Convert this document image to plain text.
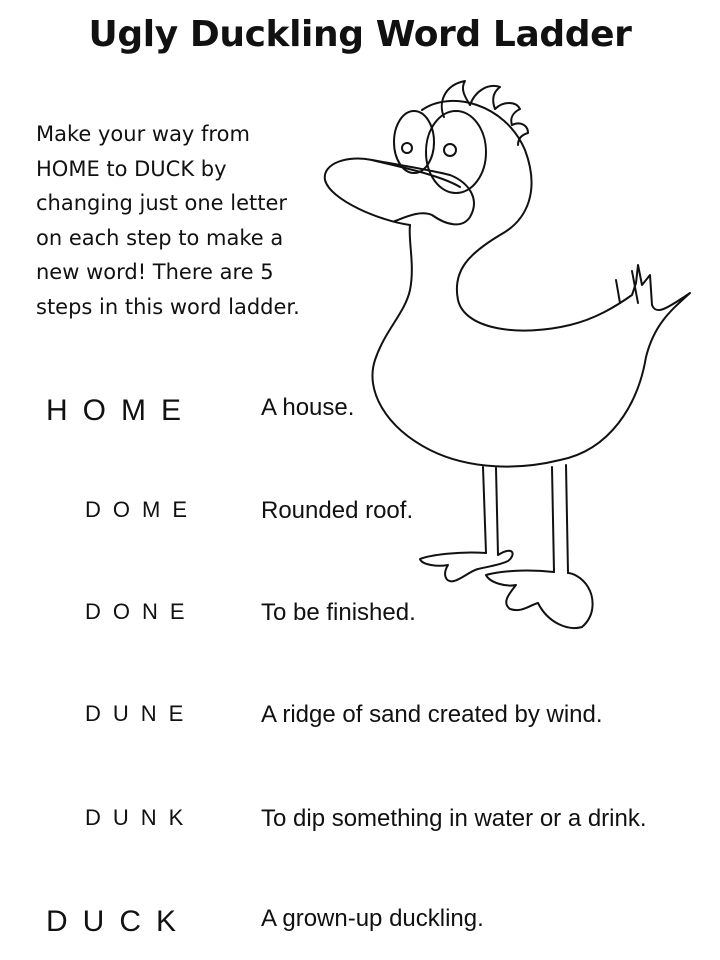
Ugly Duckling Word Ladder
Make your way from
HOME to DUCK by
changing just one letter
on each step to make a
new word! There are 5
steps in this word ladder.
HOME	A house.
DOME	Rounded roof.
DONE	To be finished.
DUNE	A ridge of sand created by wind.
DUNK	To dip something in water or a drink.
DUCK	A grown-up duckling.
